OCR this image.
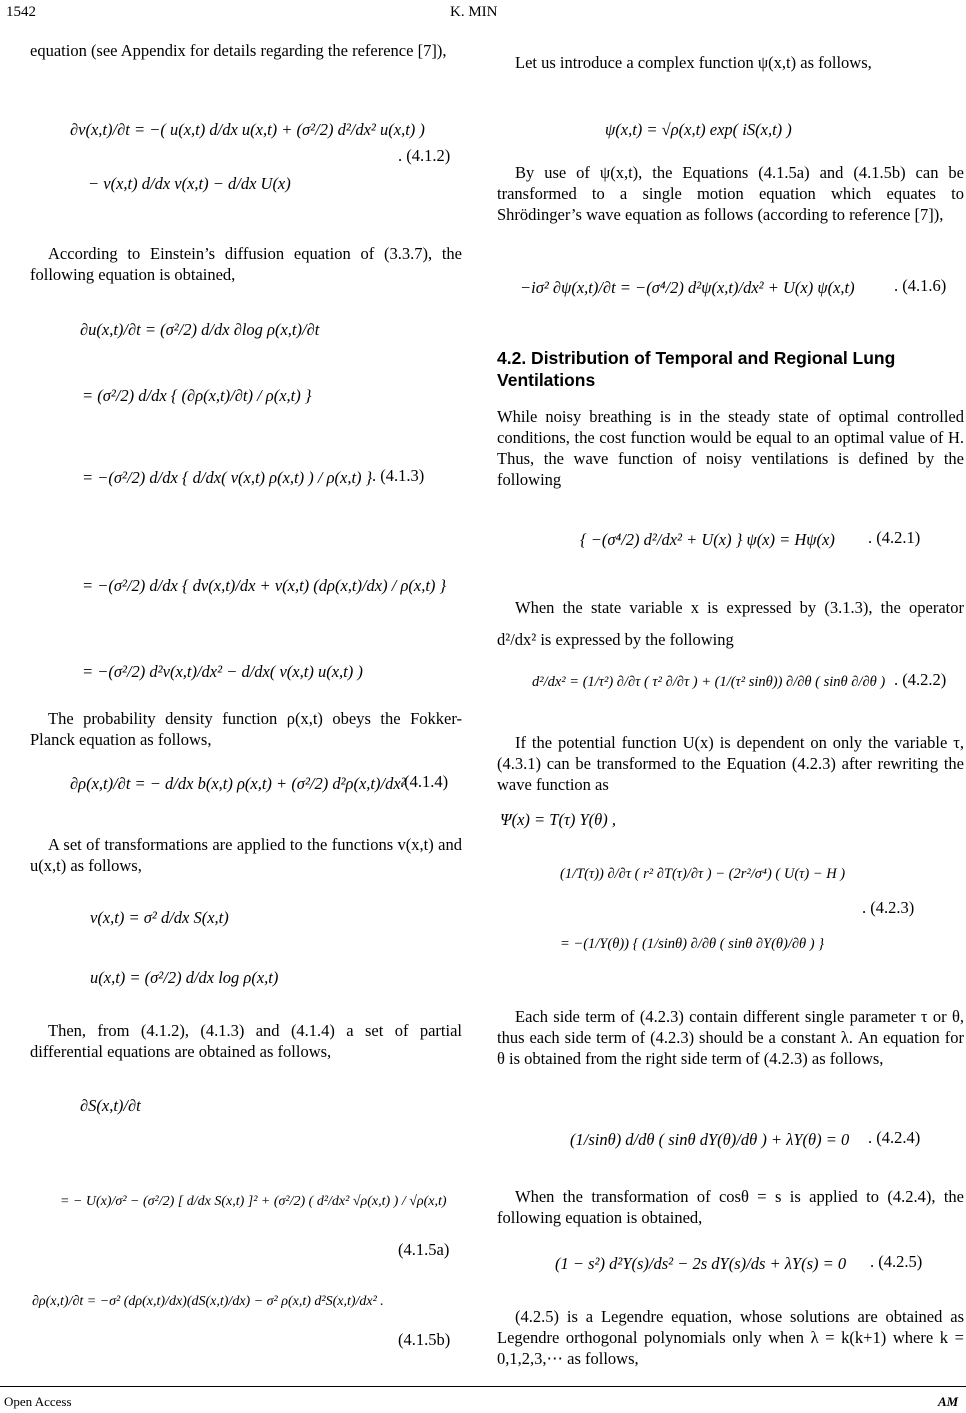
1542	K. MIN
equation (see Appendix for details regarding the reference [7]),
∂v(x,t)/∂t = −( u(x,t) d/dx u(x,t) + (σ²/2) d²/dx² u(x,t) )
− v(x,t) d/dx v(x,t) − d/dx U(x)
. (4.1.2)
According to Einstein’s diffusion equation of (3.3.7), the following equation is obtained,
∂u(x,t)/∂t = (σ²/2) d/dx ∂log ρ(x,t)/∂t
= (σ²/2) d/dx { (∂ρ(x,t)/∂t) / ρ(x,t) }
= −(σ²/2) d/dx { d/dx( v(x,t) ρ(x,t) ) / ρ(x,t) }
= −(σ²/2) d/dx { dv(x,t)/dx + v(x,t) (dρ(x,t)/dx) / ρ(x,t) }
= −(σ²/2) d²v(x,t)/dx² − d/dx( v(x,t) u(x,t) )
. (4.1.3)
The probability density function ρ(x,t) obeys the Fokker-Planck equation as follows,
∂ρ(x,t)/∂t = − d/dx b(x,t) ρ(x,t) + (σ²/2) d²ρ(x,t)/dx²
.(4.1.4)
A set of transformations are applied to the functions v(x,t) and u(x,t) as follows,
v(x,t) = σ² d/dx S(x,t)
u(x,t) = (σ²/2) d/dx log ρ(x,t)
Then, from (4.1.2), (4.1.3) and (4.1.4) a set of partial differential equations are obtained as follows,
∂S(x,t)/∂t
= − U(x)/σ² − (σ²/2) [ d/dx S(x,t) ]² + (σ²/2) ( d²/dx² √ρ(x,t) ) / √ρ(x,t)
(4.1.5a)
∂ρ(x,t)/∂t = −σ² (dρ(x,t)/dx)(dS(x,t)/dx) − σ² ρ(x,t) d²S(x,t)/dx² .
(4.1.5b)
Let us introduce a complex function ψ(x,t) as follows,
ψ(x,t) = √ρ(x,t) exp( iS(x,t) )
By use of ψ(x,t), the Equations (4.1.5a) and (4.1.5b) can be transformed to a single motion equation which equates to Shrödinger’s wave equation as follows (according to reference [7]),
−iσ² ∂ψ(x,t)/∂t = −(σ⁴/2) d²ψ(x,t)/dx² + U(x) ψ(x,t) . (4.1.6)
4.2. Distribution of Temporal and Regional Lung Ventilations
While noisy breathing is in the steady state of optimal controlled conditions, the cost function would be equal to an optimal value of H. Thus, the wave function of noisy ventilations is defined by the following
{ −(σ⁴/2) d²/dx² + U(x) } ψ(x) = Hψ(x) . (4.2.1)
When the state variable x is expressed by (3.1.3), the operator d²/dx² is expressed by the following
d²/dx² = (1/τ²) ∂/∂τ ( τ² ∂/∂τ ) + (1/(τ² sinθ)) ∂/∂θ ( sinθ ∂/∂θ ) . (4.2.2)
If the potential function U(x) is dependent on only the variable τ, (4.3.1) can be transformed to the Equation (4.2.3) after rewriting the wave function as
Ψ(x) = T(τ) Y(θ) ,
(1/T(τ)) ∂/∂τ ( r² ∂T(τ)/∂τ ) − (2r²/σ⁴) ( U(τ) − H )
= −(1/Y(θ)) { (1/sinθ) ∂/∂θ ( sinθ ∂Y(θ)/∂θ ) }
. (4.2.3)
Each side term of (4.2.3) contain different single parameter τ or θ, thus each side term of (4.2.3) should be a constant λ. An equation for θ is obtained from the right side term of (4.2.3) as follows,
(1/sinθ) d/dθ ( sinθ dY(θ)/dθ ) + λY(θ) = 0 . (4.2.4)
When the transformation of cosθ = s is applied to (4.2.4), the following equation is obtained,
(1 − s²) d²Y(s)/ds² − 2s dY(s)/ds + λY(s) = 0 . (4.2.5)
(4.2.5) is a Legendre equation, whose solutions are obtained as Legendre orthogonal polynomials only when λ = k(k+1) where k = 0,1,2,3,⋯ as follows,
Open Access	AM
